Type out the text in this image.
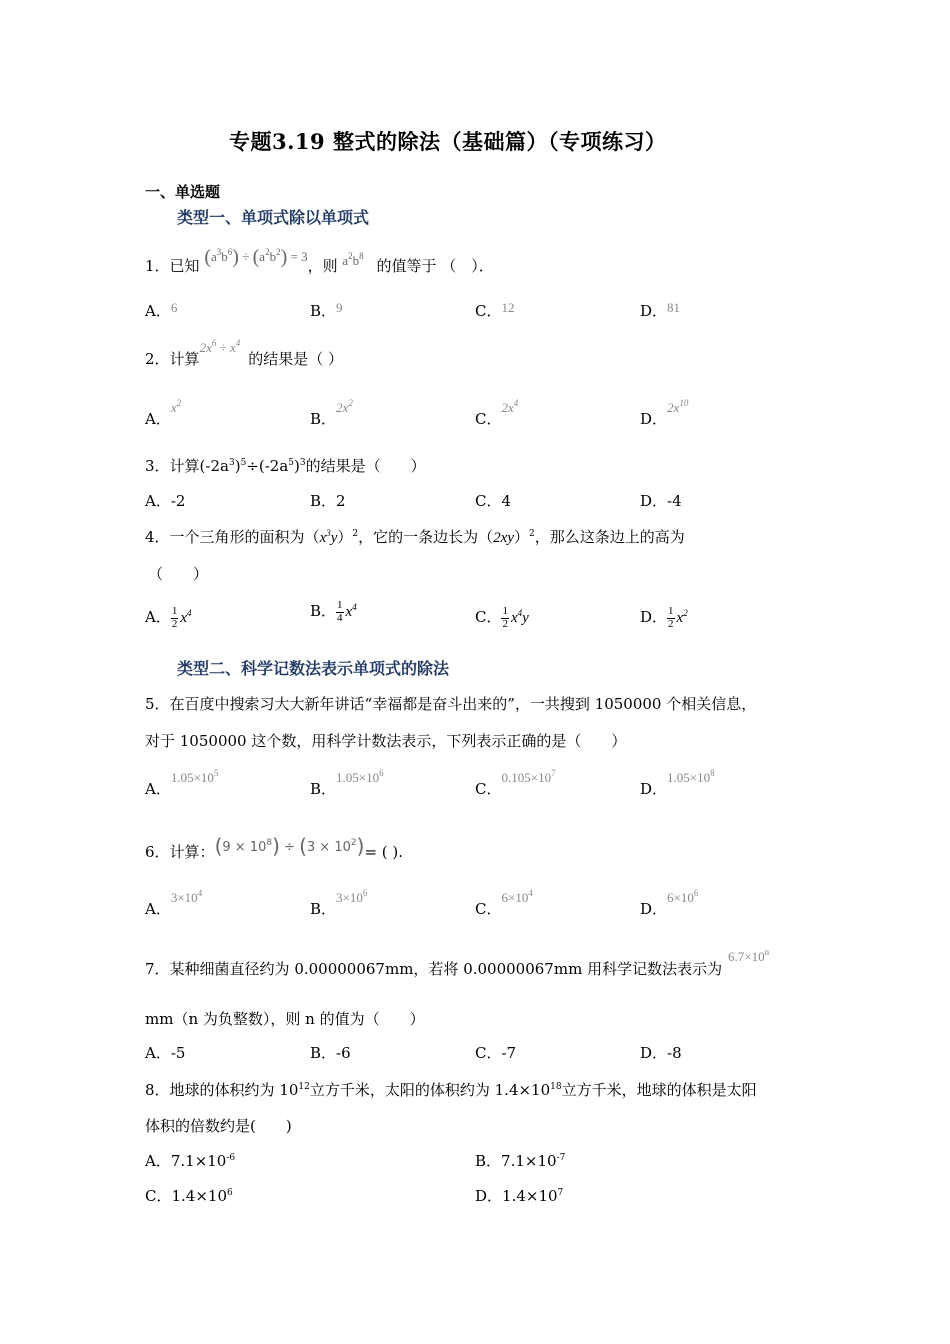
专题3.19 整式的除法（基础篇）（专项练习）
一、单选题
类型一、单项式除以单项式
1．已知 $(a^3b^6) \div (a^2b^2) = 3$，则 $a^2b^8$ 的值等于 （　）．
A．6	B．9	C．12	D．81
2．计算$2x^6 \div x^4$的结果是（ ）
A．$x^2$
B．$2x^2$
C．$2x^4$
D．$2x^{10}$
3．计算$(-2a^3)^5\div(-2a^5)^3$的结果是（　　）
A．-2	B．2	C．4	D．-4
4．一个三角形的面积为$(x^3y)^2$，它的一条边长为$(2xy)^2$，那么这条边上的高为
（　　）
A． $\frac{1}{2} x^4$	B． $\frac{1}{4} x^4$
C． $\frac{1}{2} x^4y$	D． $\frac{1}{2} x^2$
类型二、科学记数法表示单项式的除法
5．在百度中搜索习大大新年讲话“幸福都是奋斗出来的”，一共搜到 1050000 个相关信息，
对于 1050000 这个数，用科学计数法表示，下列表示正确的是（　　）
A．$1.05\times 10^5$
B．$1.05\times 10^6$
C．$0.105\times 10^7$
D．$1.05\times 10^8$
6．计算：$(9 \times 10^8) \div (3 \times 10^2)=$ ( ).
A．$3\times 10^4$
B．$3\times 10^6$
C．$6\times 10^4$
D．$6\times 10^6$
7．某种细菌直径约为 0.00000067mm，若将 0.00000067mm 用科学记数法表示为
$6.7\times 10^n$
mm（n 为负整数），则 n 的值为（　　）
A．-5	B．-6	C．-7	D．-8
8．地球的体积约为 $10^{12}$立方千米，太阳的体积约为 $1.4\times 10^{18}$立方千米，地球的体积是太阳
体积的倍数约是(　　)
A．$7.1\times 10^{-6}$	B．$7.1\times 10^{-7}$
C．$1.4\times 10^6$	D．$1.4\times 10^7$
